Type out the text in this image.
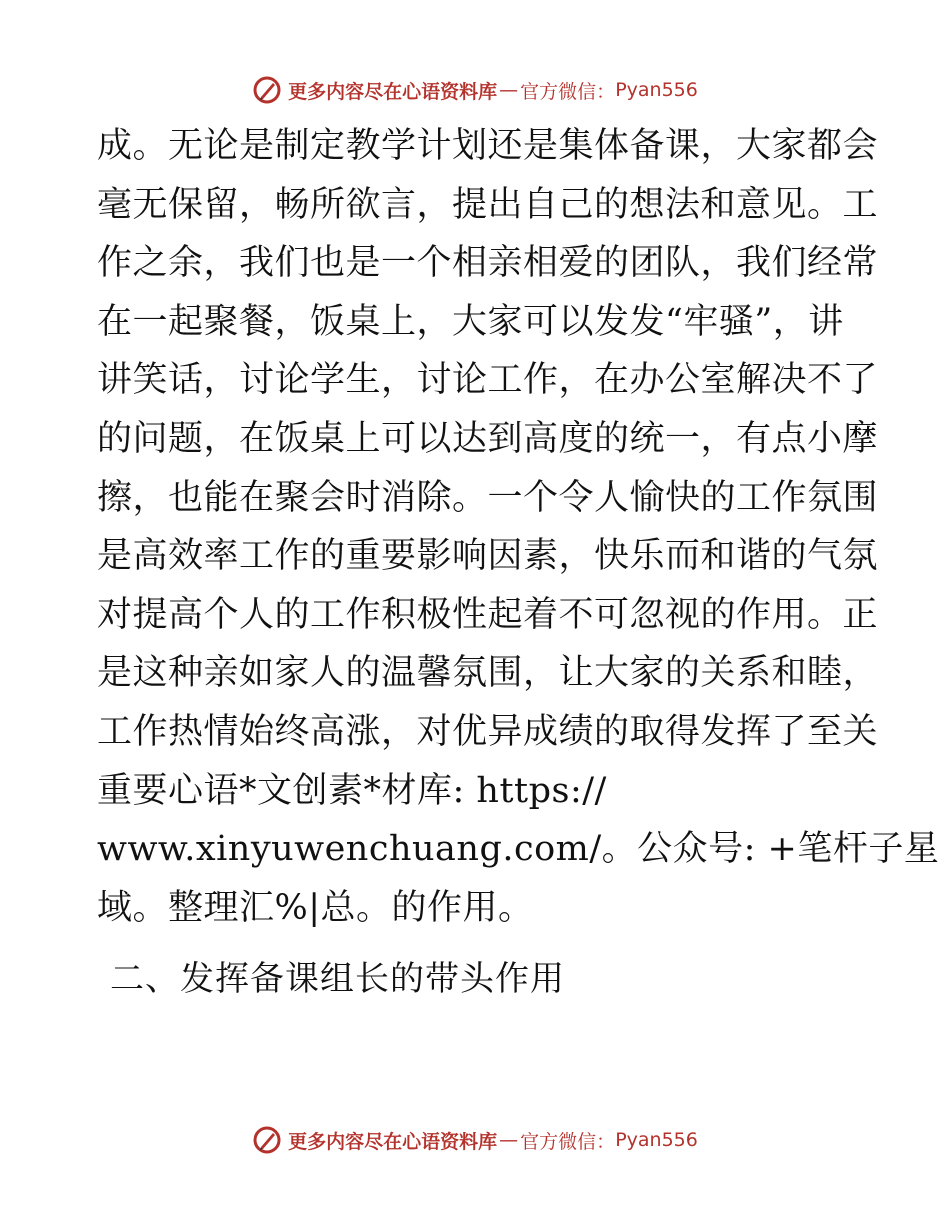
更多内容尽在心语资料库 — 官方微信： Pyan556
成。无论是制定教学计划还是集体备课，大家都会
毫无保留，畅所欲言，提出自己的想法和意见。工
作之余，我们也是一个相亲相爱的团队，我们经常
在一起聚餐，饭桌上，大家可以发发“牢骚”，讲
讲笑话，讨论学生，讨论工作，在办公室解决不了
的问题，在饭桌上可以达到高度的统一，有点小摩
擦，也能在聚会时消除。一个令人愉快的工作氛围
是高效率工作的重要影响因素，快乐而和谐的气氛
对提高个人的工作积极性起着不可忽视的作用。正
是这种亲如家人的温馨氛围，让大家的关系和睦，
工作热情始终高涨，对优异成绩的取得发挥了至关
重要心语*文创素*材库: https://
www.xinyuwenchuang.com/。公众号: +笔杆子星
域。整理汇%|总。的作用。
二、发挥备课组长的带头作用
更多内容尽在心语资料库 — 官方微信： Pyan556
